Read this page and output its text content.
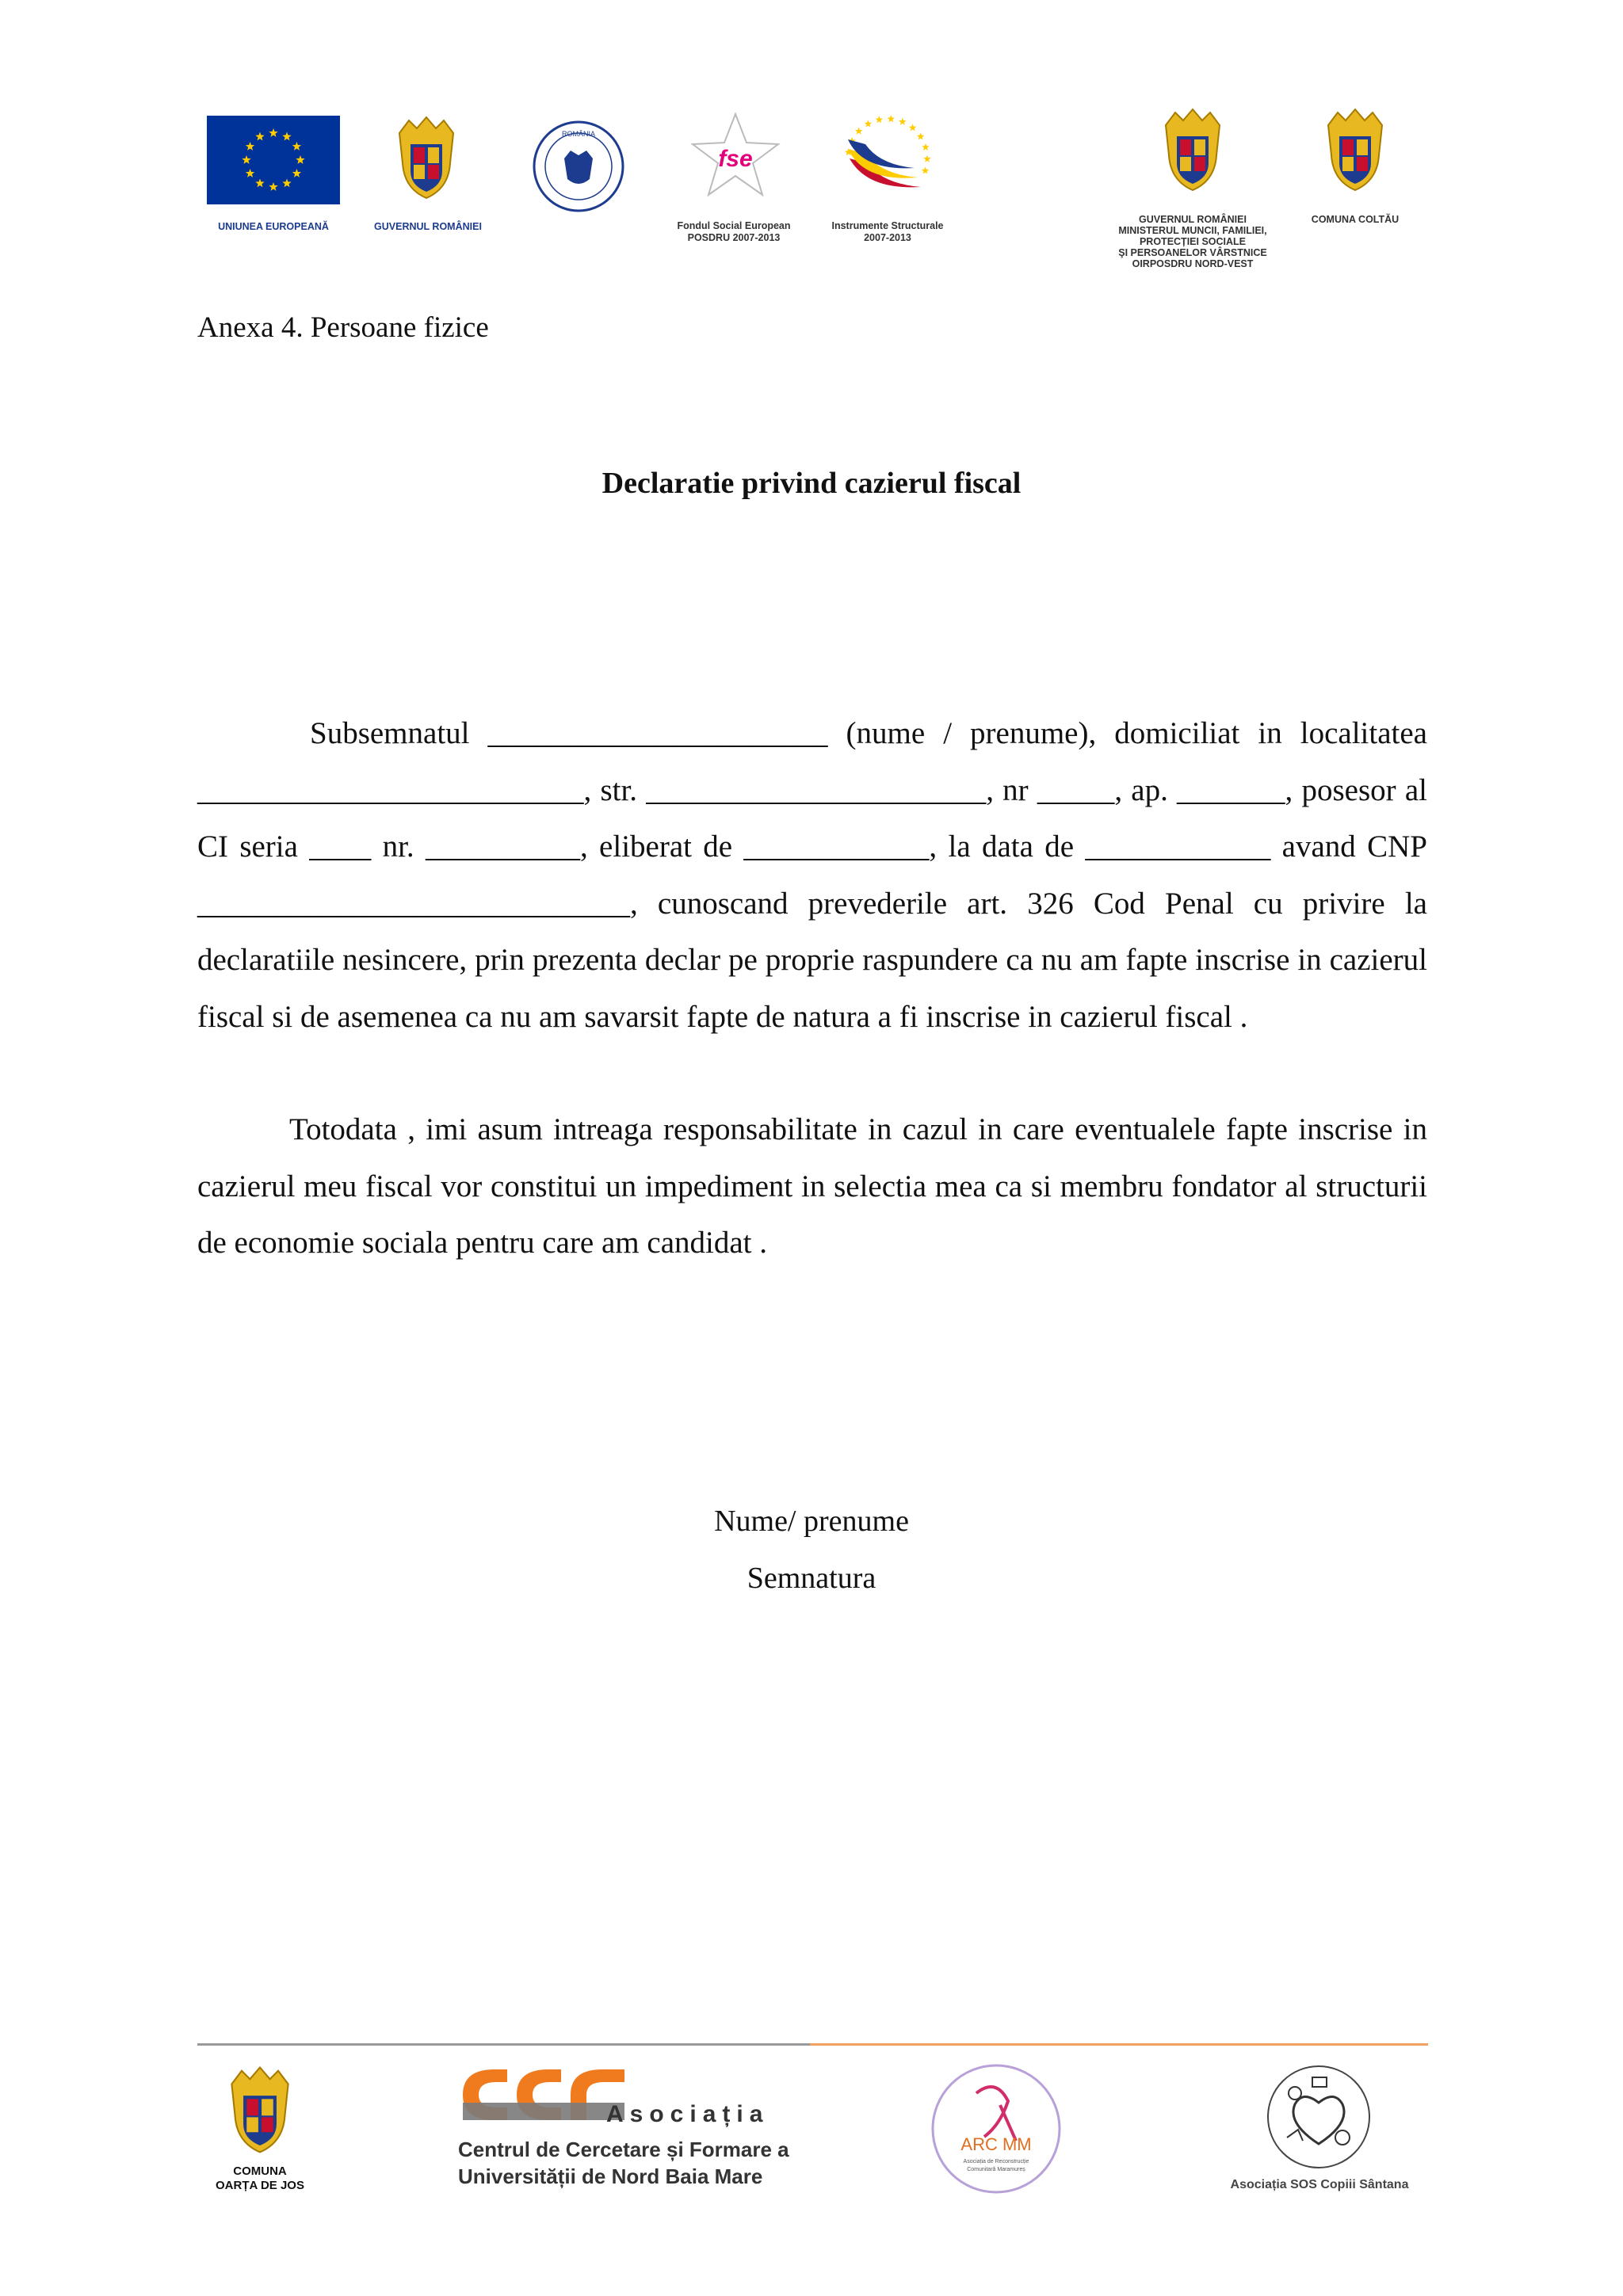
UNIUNEA EUROPEANĂ	GUVERNUL ROMÂNIEI
ROMÂNIA
fse
Fondul Social European
POSDRU 2007-2013
Instrumente Structurale
2007-2013
GUVERNUL ROMÂNIEI
MINISTERUL MUNCII, FAMILIEI,
PROTECȚIEI SOCIALE
ŞI PERSOANELOR VÂRSTNICE
OIRPOSDRU NORD-VEST
COMUNA COLTĂU
Anexa 4. Persoane fizice
Declaratie privind cazierul fiscal

Subsemnatul ______________________ (nume / prenume), domiciliat in localitatea _________________________, str. ______________________, nr _____, ap. _______, posesor al CI seria ____ nr. __________, eliberat de ____________, la data de ____________ avand CNP ____________________________, cunoscand prevederile art. 326 Cod Penal cu privire la declaratiile nesincere, prin prezenta declar pe proprie raspundere ca nu am fapte inscrise in cazierul fiscal si de asemenea ca nu am savarsit fapte de natura a fi inscrise in cazierul fiscal .

Totodata , imi asum intreaga responsabilitate in cazul in care eventualele fapte inscrise in cazierul meu fiscal vor constitui un impediment in selectia mea ca si membru fondator al structurii de economie sociala pentru care am candidat .

Nume/ prenume
Semnatura
COMUNA
OARȚA DE JOS
Asociația
Centrul de Cercetare și Formare a
Universității de Nord Baia Mare
ARC MM
Asociația de Reconstrucție
Comunitară Maramureș
Asociația SOS Copiii Sântana
